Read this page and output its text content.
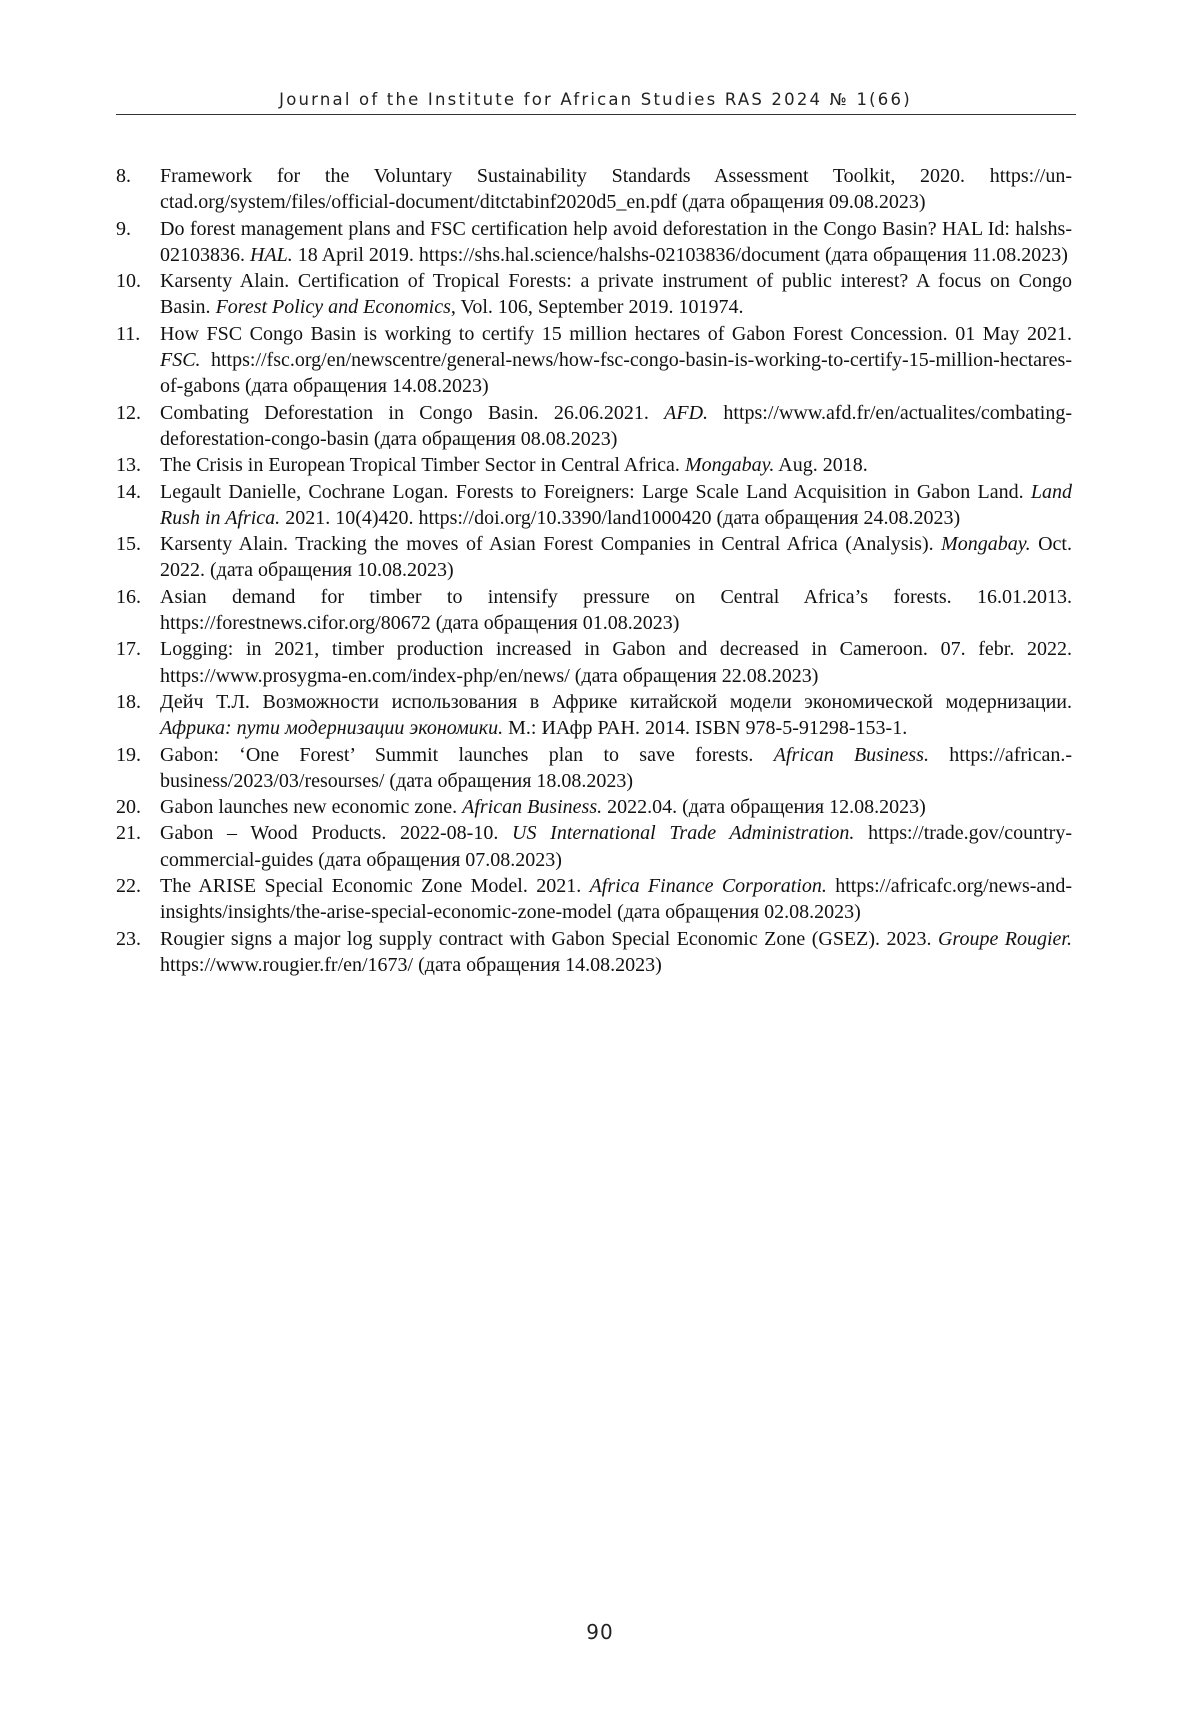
Journal of the Institute for African Studies RAS 2024 № 1(66)
8.	Framework for the Voluntary Sustainability Standards Assessment Toolkit, 2020. https://un­ctad.org/system/files/official-document/ditctabinf2020d5_en.pdf (дата обращения 09.08.2023)
9.	Do forest management plans and FSC certification help avoid deforestation in the Congo Basin? HAL Id: halshs-02103836. HAL. 18 April 2019. https://shs.hal.science/halshs-02103836/docu­ment (дата обращения 11.08.2023)
10. Karsenty Alain. Certification of Tropical Forests: a private instrument of public interest? A focus on Congo Basin. Forest Policy and Economics, Vol. 106, September 2019. 101974.
11. How FSC Congo Basin is working to certify 15 million hectares of Gabon Forest Concession. 01 May 2021. FSC. https://fsc.org/en/newscentre/general-news/how-fsc-congo-basin-is-working-to-­certify-15-million-hectares-of-gabons (дата обращения 14.08.2023)
12. Combating Deforestation in Congo Basin. 26.06.2021. AFD. https://www.afd.fr/en/actuali­tes/combating-deforestation-congo-basin (дата обращения 08.08.2023)
13. The Crisis in European Tropical Timber Sector in Central Africa. Mongabay. Aug. 2018.
14. Legault Danielle, Cochrane Logan. Forests to Foreigners: Large Scale Land Acquisition in Gabon Land. Land Rush in Africa. 2021. 10(4)420. https://doi.org/10.3390/land1000420 (дата обраще­ния 24.08.2023)
15. Karsenty Alain. Tracking the moves of Asian Forest Companies in Central Africa (Analysis). Mongabay. Oct. 2022. (дата обращения 10.08.2023)
16. Asian demand for timber to intensify pressure on Central Africa’s forests. 16.01.2013. https://forestnews.cifor.org/80672 (дата обращения 01.08.2023)
17. Logging: in 2021, timber production increased in Gabon and decreased in Cameroon. 07. febr. 2022. https://www.prosygma-en.com/index-php/en/news/ (дата обращения 22.08.2023)
18. Дейч Т.Л. Возможности использования в Африке китайской модели экономической модер­низации. Африка: пути модернизации экономики. М.: ИАфр РАН. 2014. ISBN 978-5-91298-­153-1.
19. Gabon: ‘One Forest’ Summit launches plan to save forests. African Business. https://african.­business/2023/03/resourses/ (дата обращения 18.08.2023)
20. Gabon launches new economic zone. African Business. 2022.04. (дата обращения 12.08.2023)
21. Gabon – Wood Products. 2022-08-10. US International Trade Administration. https://trade.gov/­country-commercial-guides (дата обращения 07.08.2023)
22. The ARISE Special Economic Zone Model. 2021. Africa Finance Corporation. https://africafc.­org/news-and-insights/insights/the-arise-special-economic-zone-model (дата обращения 02.08.­2023)
23. Rougier signs a major log supply contract with Gabon Special Economic Zone (GSEZ). 2023. Groupe Rougier. https://www.rougier.fr/en/1673/ (дата обращения 14.08.2023)
90
